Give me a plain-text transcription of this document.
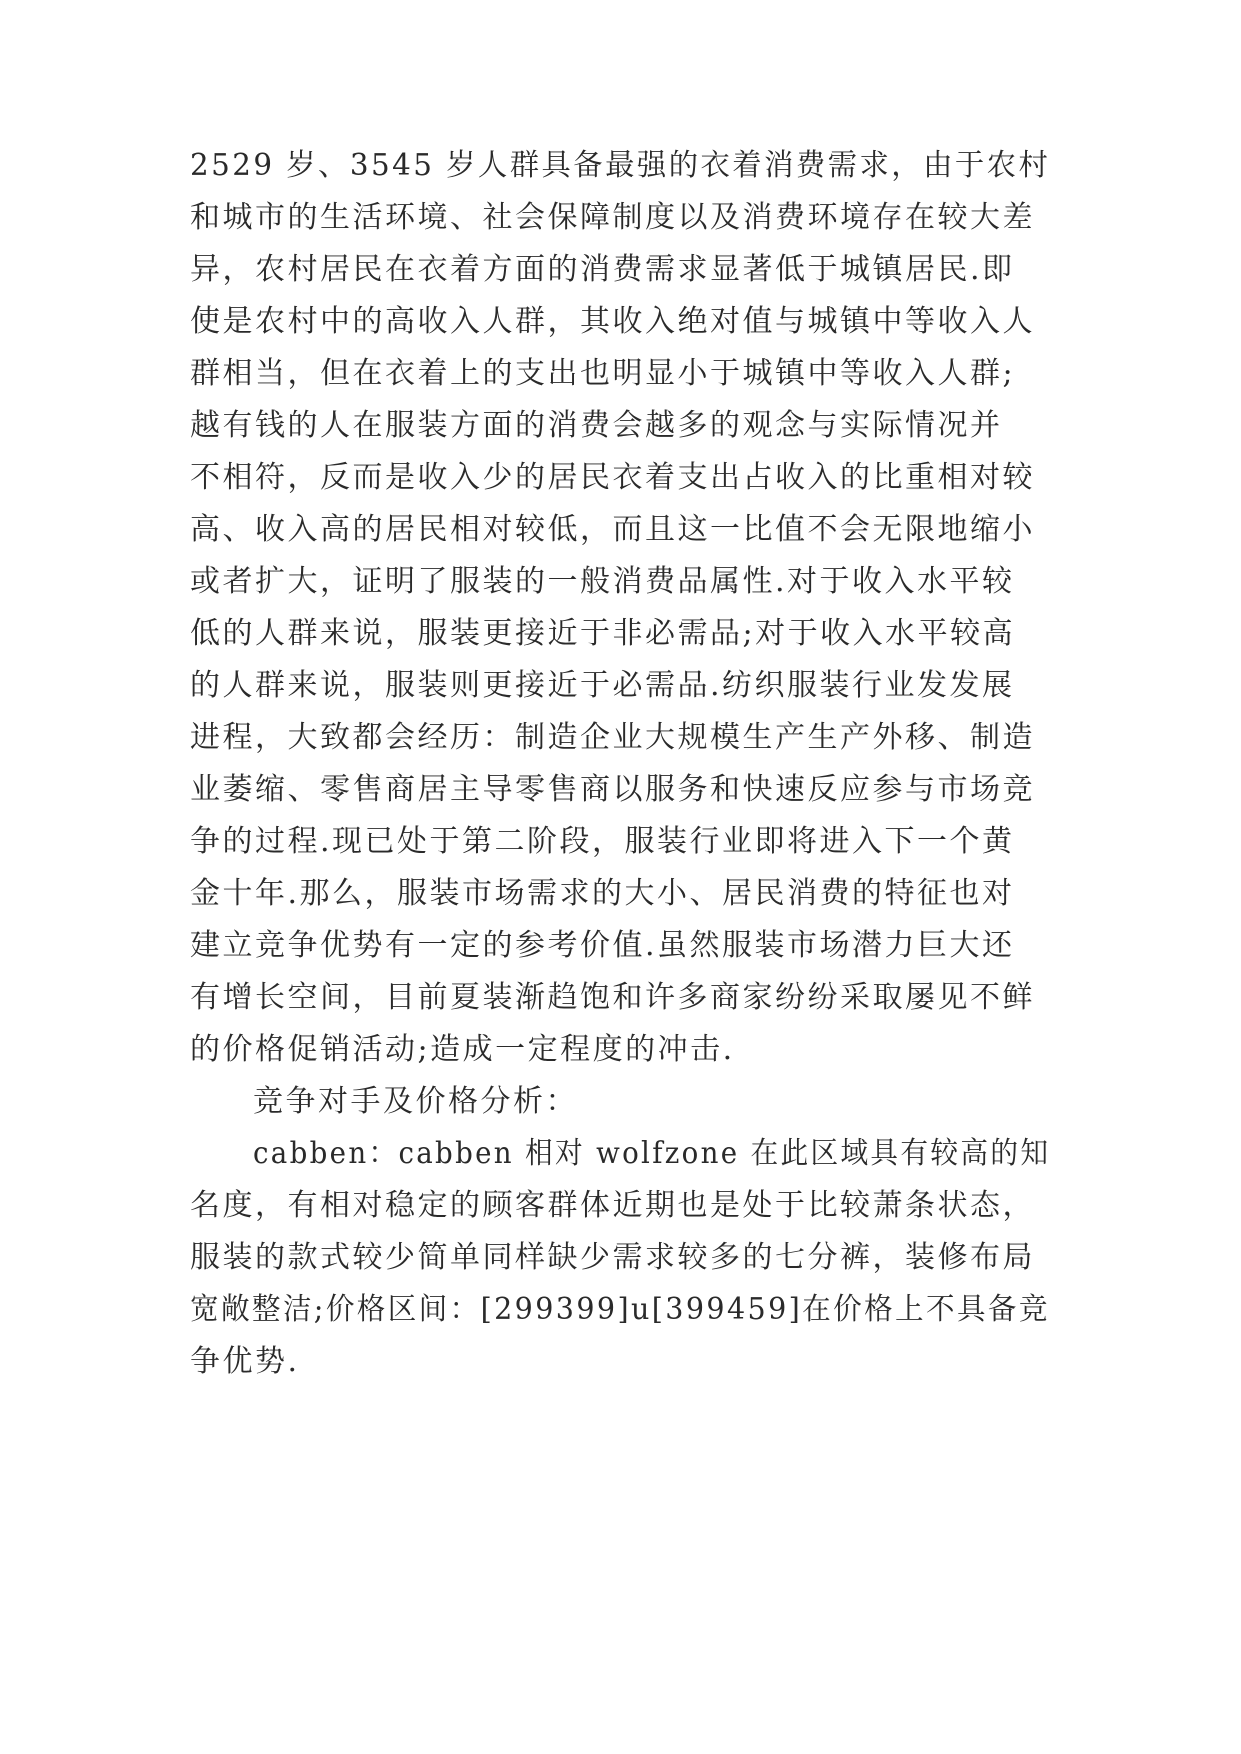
2529 岁、3545 岁人群具备最强的衣着消费需求，由于农村
和城市的生活环境、社会保障制度以及消费环境存在较大差
异，农村居民在衣着方面的消费需求显著低于城镇居民.即
使是农村中的高收入人群，其收入绝对值与城镇中等收入人
群相当，但在衣着上的支出也明显小于城镇中等收入人群;
越有钱的人在服装方面的消费会越多的观念与实际情况并
不相符，反而是收入少的居民衣着支出占收入的比重相对较
高、收入高的居民相对较低，而且这一比值不会无限地缩小
或者扩大，证明了服装的一般消费品属性.对于收入水平较
低的人群来说，服装更接近于非必需品;对于收入水平较高
的人群来说，服装则更接近于必需品.纺织服装行业发发展
进程，大致都会经历：制造企业大规模生产生产外移、制造
业萎缩、零售商居主导零售商以服务和快速反应参与市场竞
争的过程.现已处于第二阶段，服装行业即将进入下一个黄
金十年.那么，服装市场需求的大小、居民消费的特征也对
建立竞争优势有一定的参考价值.虽然服装市场潜力巨大还
有增长空间，目前夏装渐趋饱和许多商家纷纷采取屡见不鲜
的价格促销活动;造成一定程度的冲击.
竞争对手及价格分析：
cabben：cabben 相对 wolfzone 在此区域具有较高的知
名度，有相对稳定的顾客群体近期也是处于比较萧条状态，
服装的款式较少简单同样缺少需求较多的七分裤，装修布局
宽敞整洁;价格区间：[299399]u[399459]在价格上不具备竞
争优势.
